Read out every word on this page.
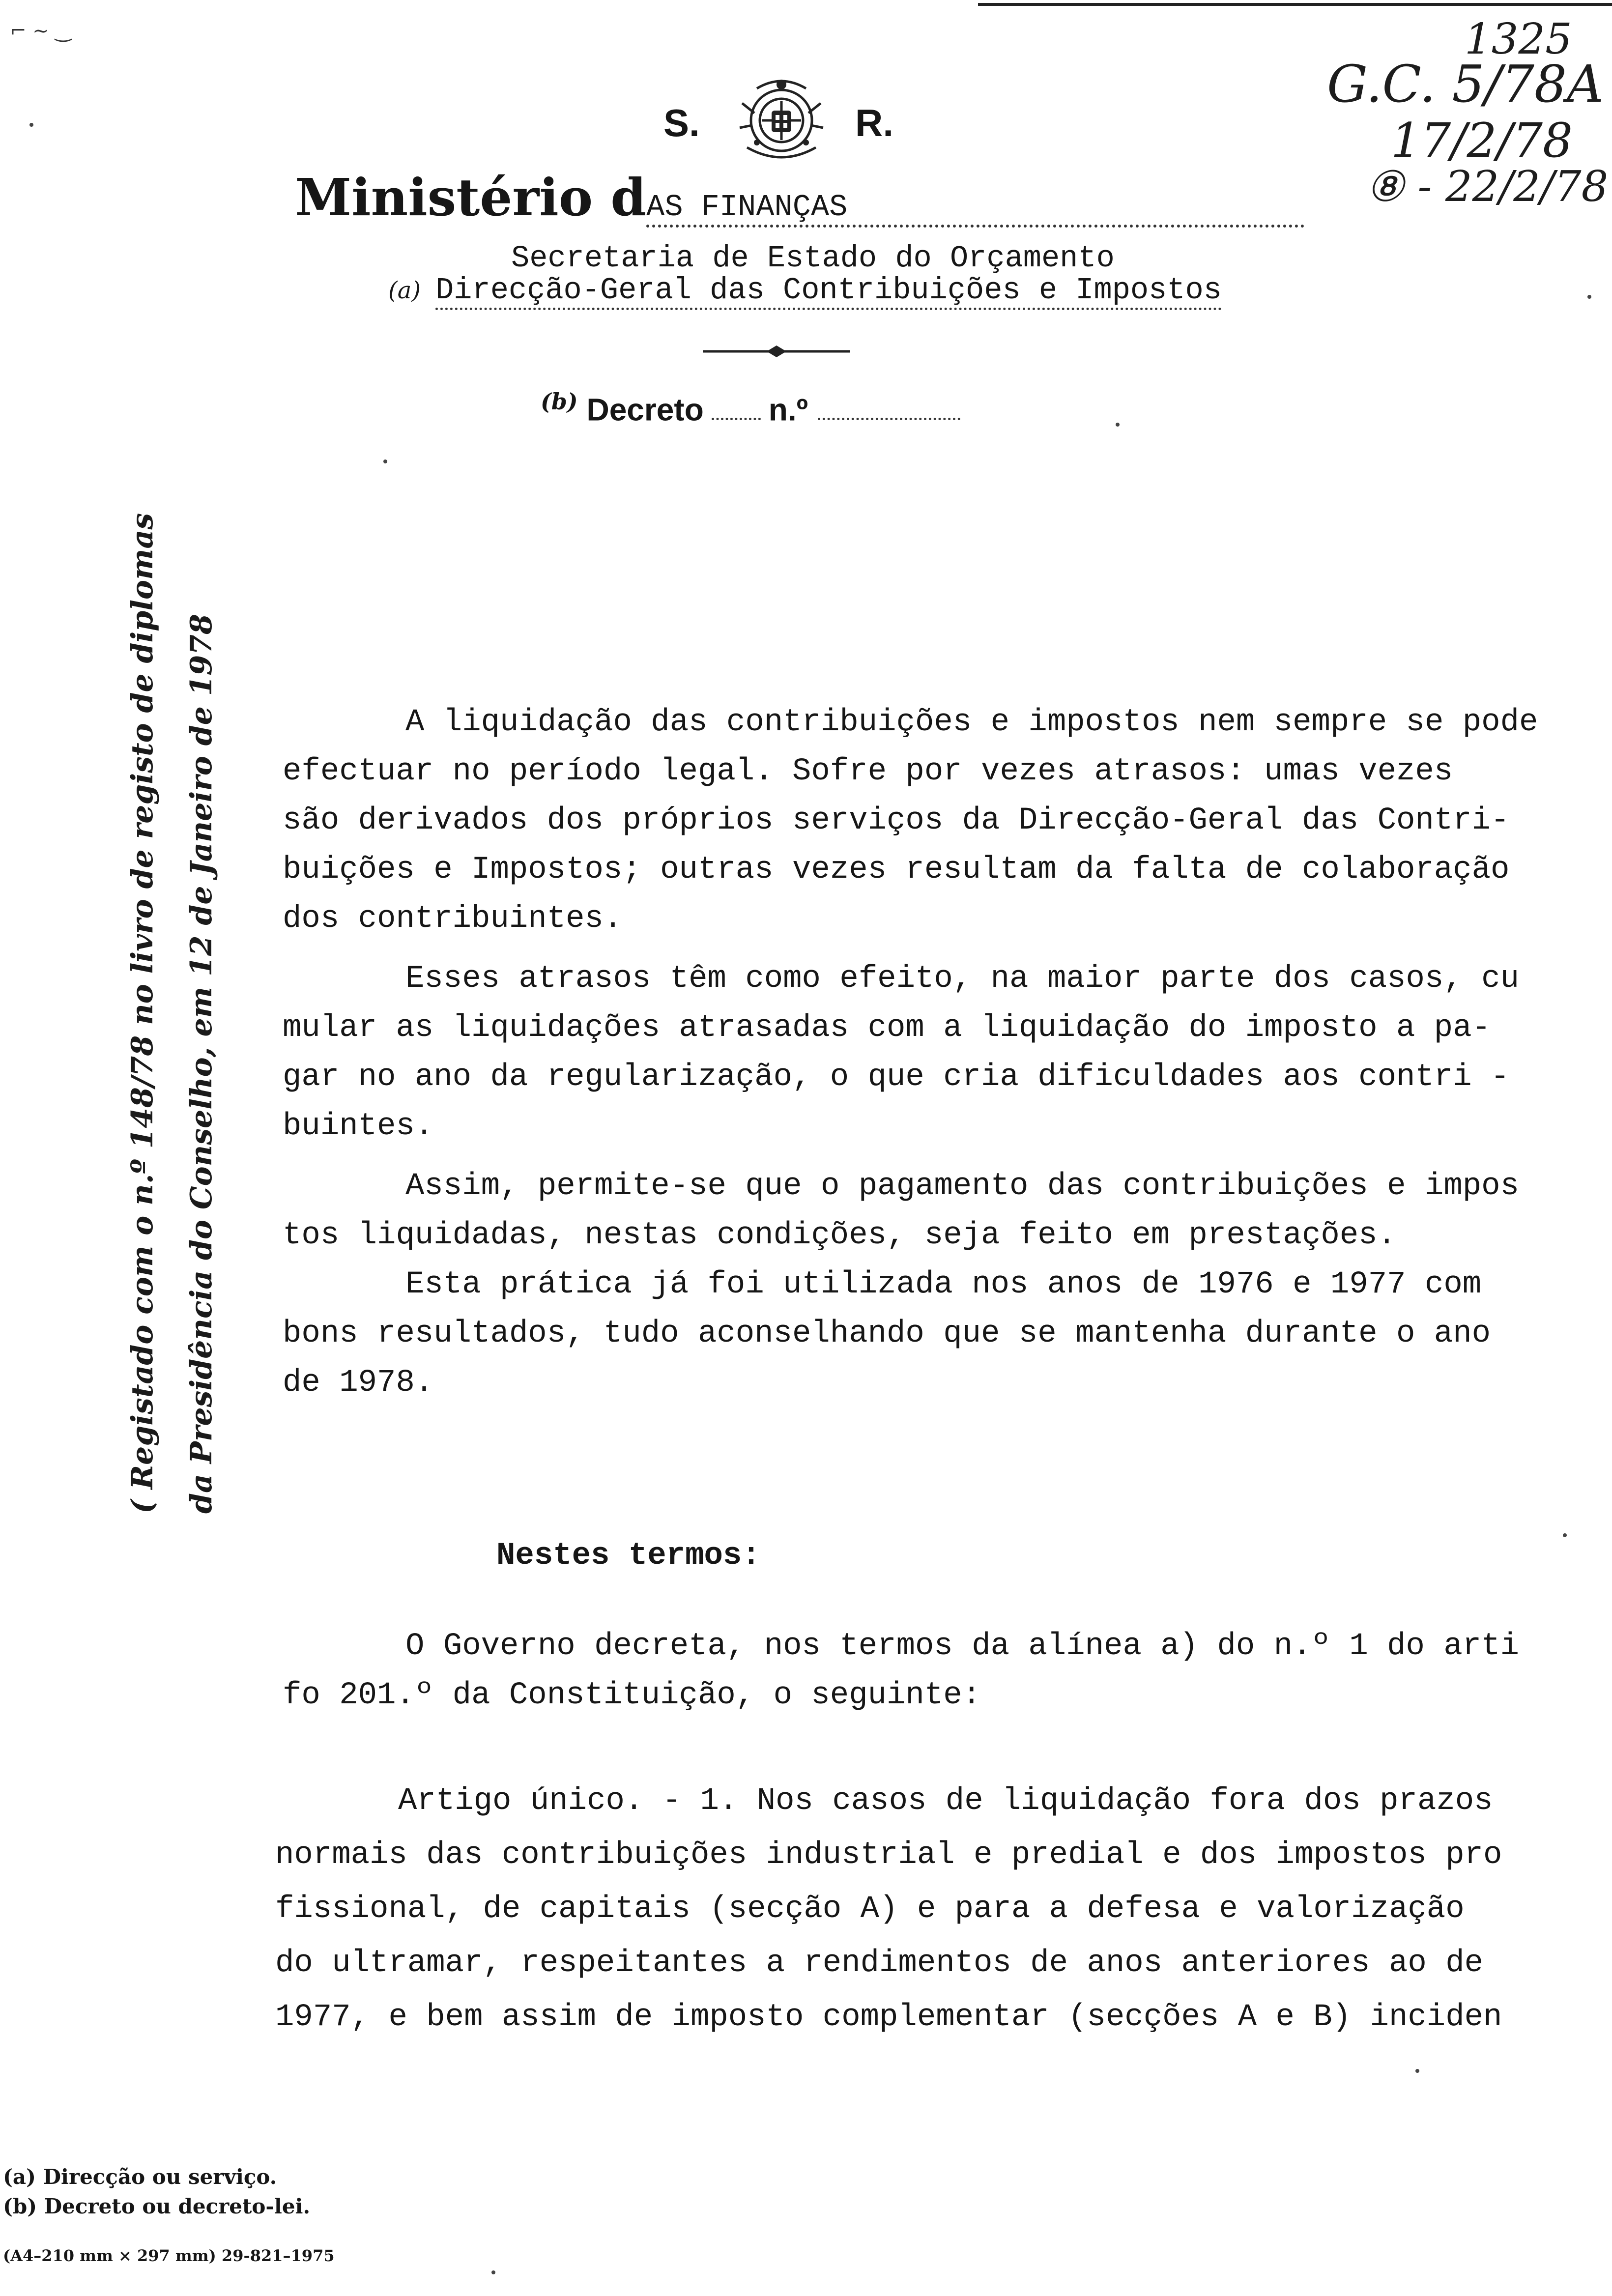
⌐ ~ ‿
S.	R.
1325
G.C. 5/78A
17/2/78
⑧ - 22/2/78
Ministério dAS FINANÇAS
Secretaria de Estado do Orçamento
(a) Direcção-Geral das Contribuições e Impostos
$^{(b)}$ Decreto n.º
( Registado com o n.º 148/78 no livro de registo de diplomas da Presidência do Conselho, em 12 de Janeiro de 1978	A liquidação das contribuições e impostos nem sempre se pode
efectuar no período legal. Sofre por vezes atrasos: umas vezes
são derivados dos próprios serviços da Direcção-Geral das Contri-
buições e Impostos; outras vezes resultam da falta de colaboração
dos contribuintes.

Esses atrasos têm como efeito, na maior parte dos casos, cu
mular as liquidações atrasadas com a liquidação do imposto a pa-
gar no ano da regularização, o que cria dificuldades aos contri -
buintes.

Assim, permite-se que o pagamento das contribuições e impos
tos liquidadas, nestas condições, seja feito em prestações.

Esta prática já foi utilizada nos anos de 1976 e 1977 com
bons resultados, tudo aconselhando que se mantenha durante o ano
de 1978.

Nestes termos:
O Governo decreta, nos termos da alínea a) do n.º 1 do arti
fo 201.º da Constituição, o seguinte:
Artigo único. - 1. Nos casos de liquidação fora dos prazos
normais das contribuições industrial e predial e dos impostos pro
fissional, de capitais (secção A) e para a defesa e valorização
do ultramar, respeitantes a rendimentos de anos anteriores ao de
1977, e bem assim de imposto complementar (secções A e B) inciden
(a) Direcção ou serviço.
(b) Decreto ou decreto-lei.
(A4–210 mm × 297 mm) 29-821–1975
